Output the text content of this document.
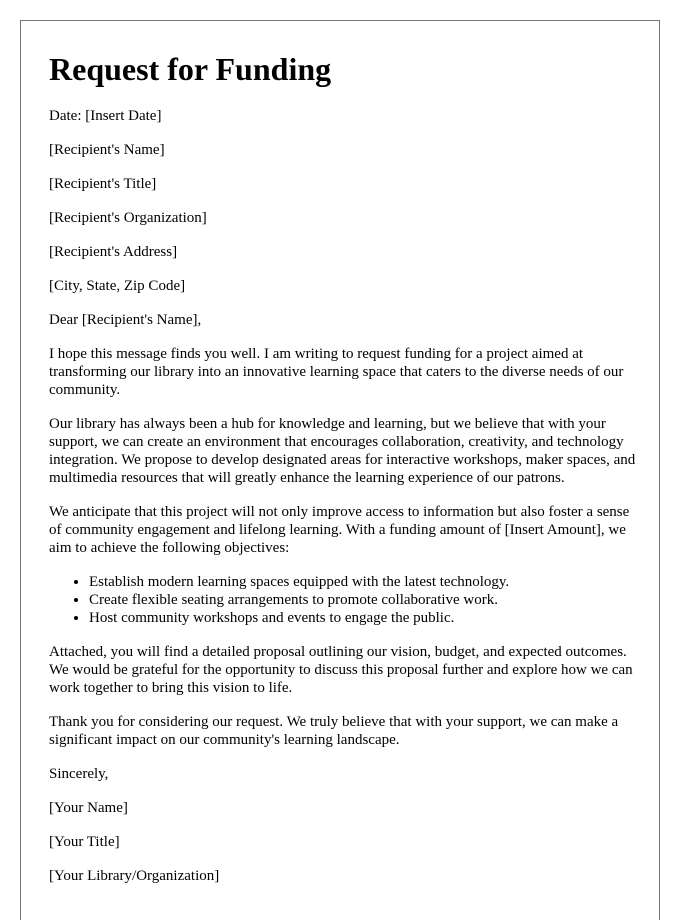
Request for Funding

Date: [Insert Date]

[Recipient's Name]

[Recipient's Title]

[Recipient's Organization]

[Recipient's Address]

[City, State, Zip Code]

Dear [Recipient's Name],

I hope this message finds you well. I am writing to request funding for a project aimed at transforming our library into an innovative learning space that caters to the diverse needs of our community.

Our library has always been a hub for knowledge and learning, but we believe that with your support, we can create an environment that encourages collaboration, creativity, and technology integration. We propose to develop designated areas for interactive workshops, maker spaces, and multimedia resources that will greatly enhance the learning experience of our patrons.

We anticipate that this project will not only improve access to information but also foster a sense of community engagement and lifelong learning. With a funding amount of [Insert Amount], we aim to achieve the following objectives:

• Establish modern learning spaces equipped with the latest technology.
• Create flexible seating arrangements to promote collaborative work.
• Host community workshops and events to engage the public.

Attached, you will find a detailed proposal outlining our vision, budget, and expected outcomes. We would be grateful for the opportunity to discuss this proposal further and explore how we can work together to bring this vision to life.

Thank you for considering our request. We truly believe that with your support, we can make a significant impact on our community's learning landscape.

Sincerely,

[Your Name]

[Your Title]

[Your Library/Organization]
